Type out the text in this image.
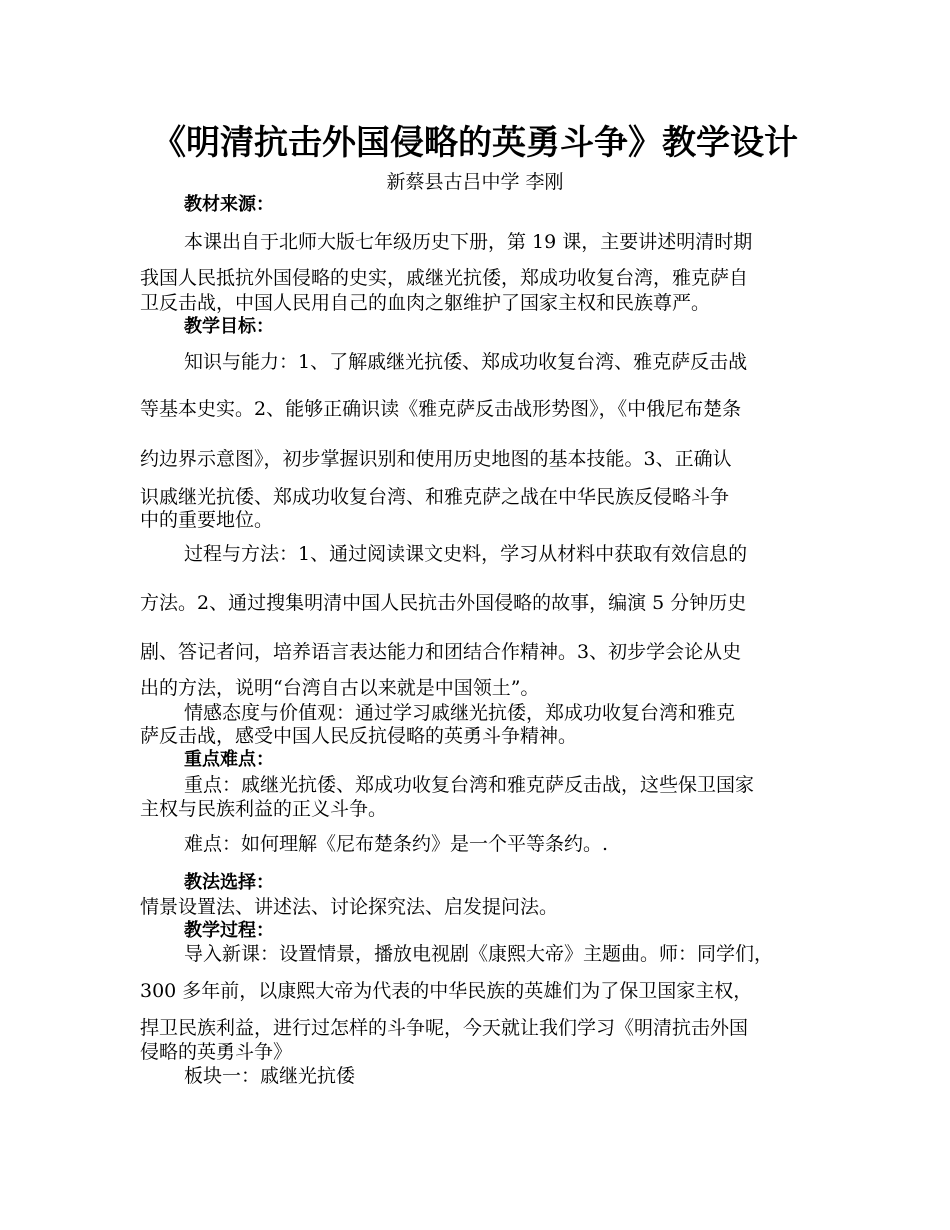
《明清抗击外国侵略的英勇斗争》教学设计
新蔡县古吕中学 李刚
教材来源：
本课出自于北师大版七年级历史下册，第 19 课，主要讲述明清时期
我国人民抵抗外国侵略的史实，戚继光抗倭，郑成功收复台湾，雅克萨自
卫反击战，中国人民用自己的血肉之躯维护了国家主权和民族尊严。
教学目标：
知识与能力：1、了解戚继光抗倭、郑成功收复台湾、雅克萨反击战
等基本史实。2、能够正确识读《雅克萨反击战形势图》，《中俄尼布楚条
约边界示意图》，初步掌握识别和使用历史地图的基本技能。3、正确认
识戚继光抗倭、郑成功收复台湾、和雅克萨之战在中华民族反侵略斗争
中的重要地位。
过程与方法：1、通过阅读课文史料，学习从材料中获取有效信息的
方法。2、通过搜集明清中国人民抗击外国侵略的故事，编演 5 分钟历史
剧、答记者问，培养语言表达能力和团结合作精神。3、初步学会论从史
出的方法，说明“台湾自古以来就是中国领土”。
情感态度与价值观：通过学习戚继光抗倭，郑成功收复台湾和雅克
萨反击战，感受中国人民反抗侵略的英勇斗争精神。
重点难点：
重点：戚继光抗倭、郑成功收复台湾和雅克萨反击战，这些保卫国家
主权与民族利益的正义斗争。
难点：如何理解《尼布楚条约》是一个平等条约。.
教法选择：
情景设置法、讲述法、讨论探究法、启发提问法。
教学过程：
导入新课：设置情景，播放电视剧《康熙大帝》主题曲。师：同学们，
300 多年前，以康熙大帝为代表的中华民族的英雄们为了保卫国家主权，
捍卫民族利益，进行过怎样的斗争呢，今天就让我们学习《明清抗击外国
侵略的英勇斗争》
板块一：戚继光抗倭
